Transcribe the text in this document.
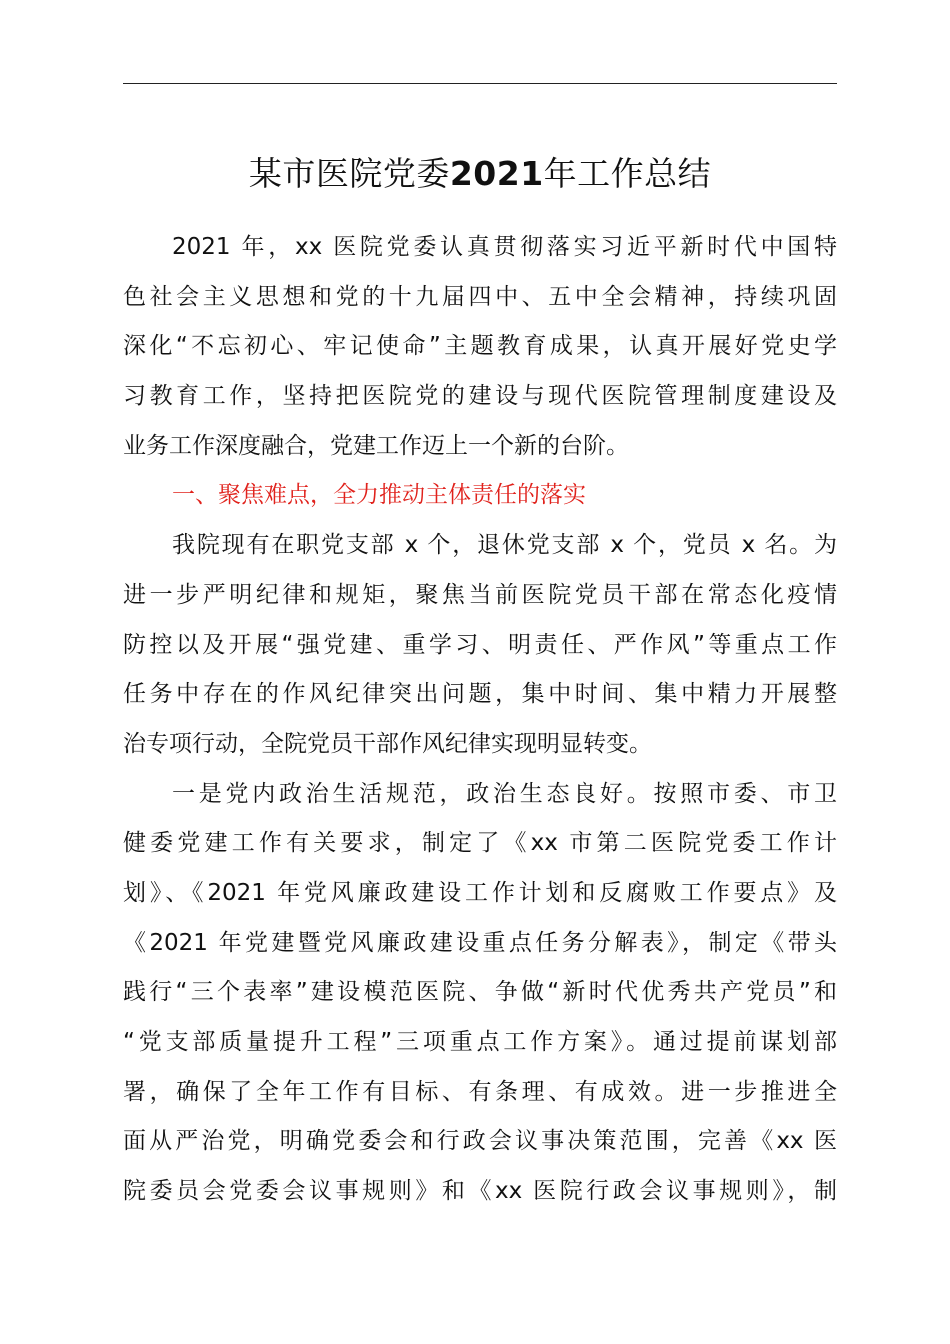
某市医院党委2021年工作总结
2021 年，xx 医院党委认真贯彻落实习近平新时代中国特
色社会主义思想和党的十九届四中、五中全会精神，持续巩固
深化“不忘初心、牢记使命”主题教育成果，认真开展好党史学
习教育工作，坚持把医院党的建设与现代医院管理制度建设及
业务工作深度融合，党建工作迈上一个新的台阶。
一、聚焦难点，全力推动主体责任的落实
我院现有在职党支部 x 个，退休党支部 x 个，党员 x 名。为
进一步严明纪律和规矩，聚焦当前医院党员干部在常态化疫情
防控以及开展“强党建、重学习、明责任、严作风”等重点工作
任务中存在的作风纪律突出问题，集中时间、集中精力开展整
治专项行动，全院党员干部作风纪律实现明显转变。
一是党内政治生活规范，政治生态良好。按照市委、市卫
健委党建工作有关要求，制定了《xx 市第二医院党委工作计
划》、《2021 年党风廉政建设工作计划和反腐败工作要点》及
《2021 年党建暨党风廉政建设重点任务分解表》，制定《带头
践行“三个表率”建设模范医院、争做“新时代优秀共产党员”和
“党支部质量提升工程”三项重点工作方案》。通过提前谋划部
署，确保了全年工作有目标、有条理、有成效。进一步推进全
面从严治党，明确党委会和行政会议事决策范围，完善《xx 医
院委员会党委会议事规则》和《xx 医院行政会议事规则》，制
